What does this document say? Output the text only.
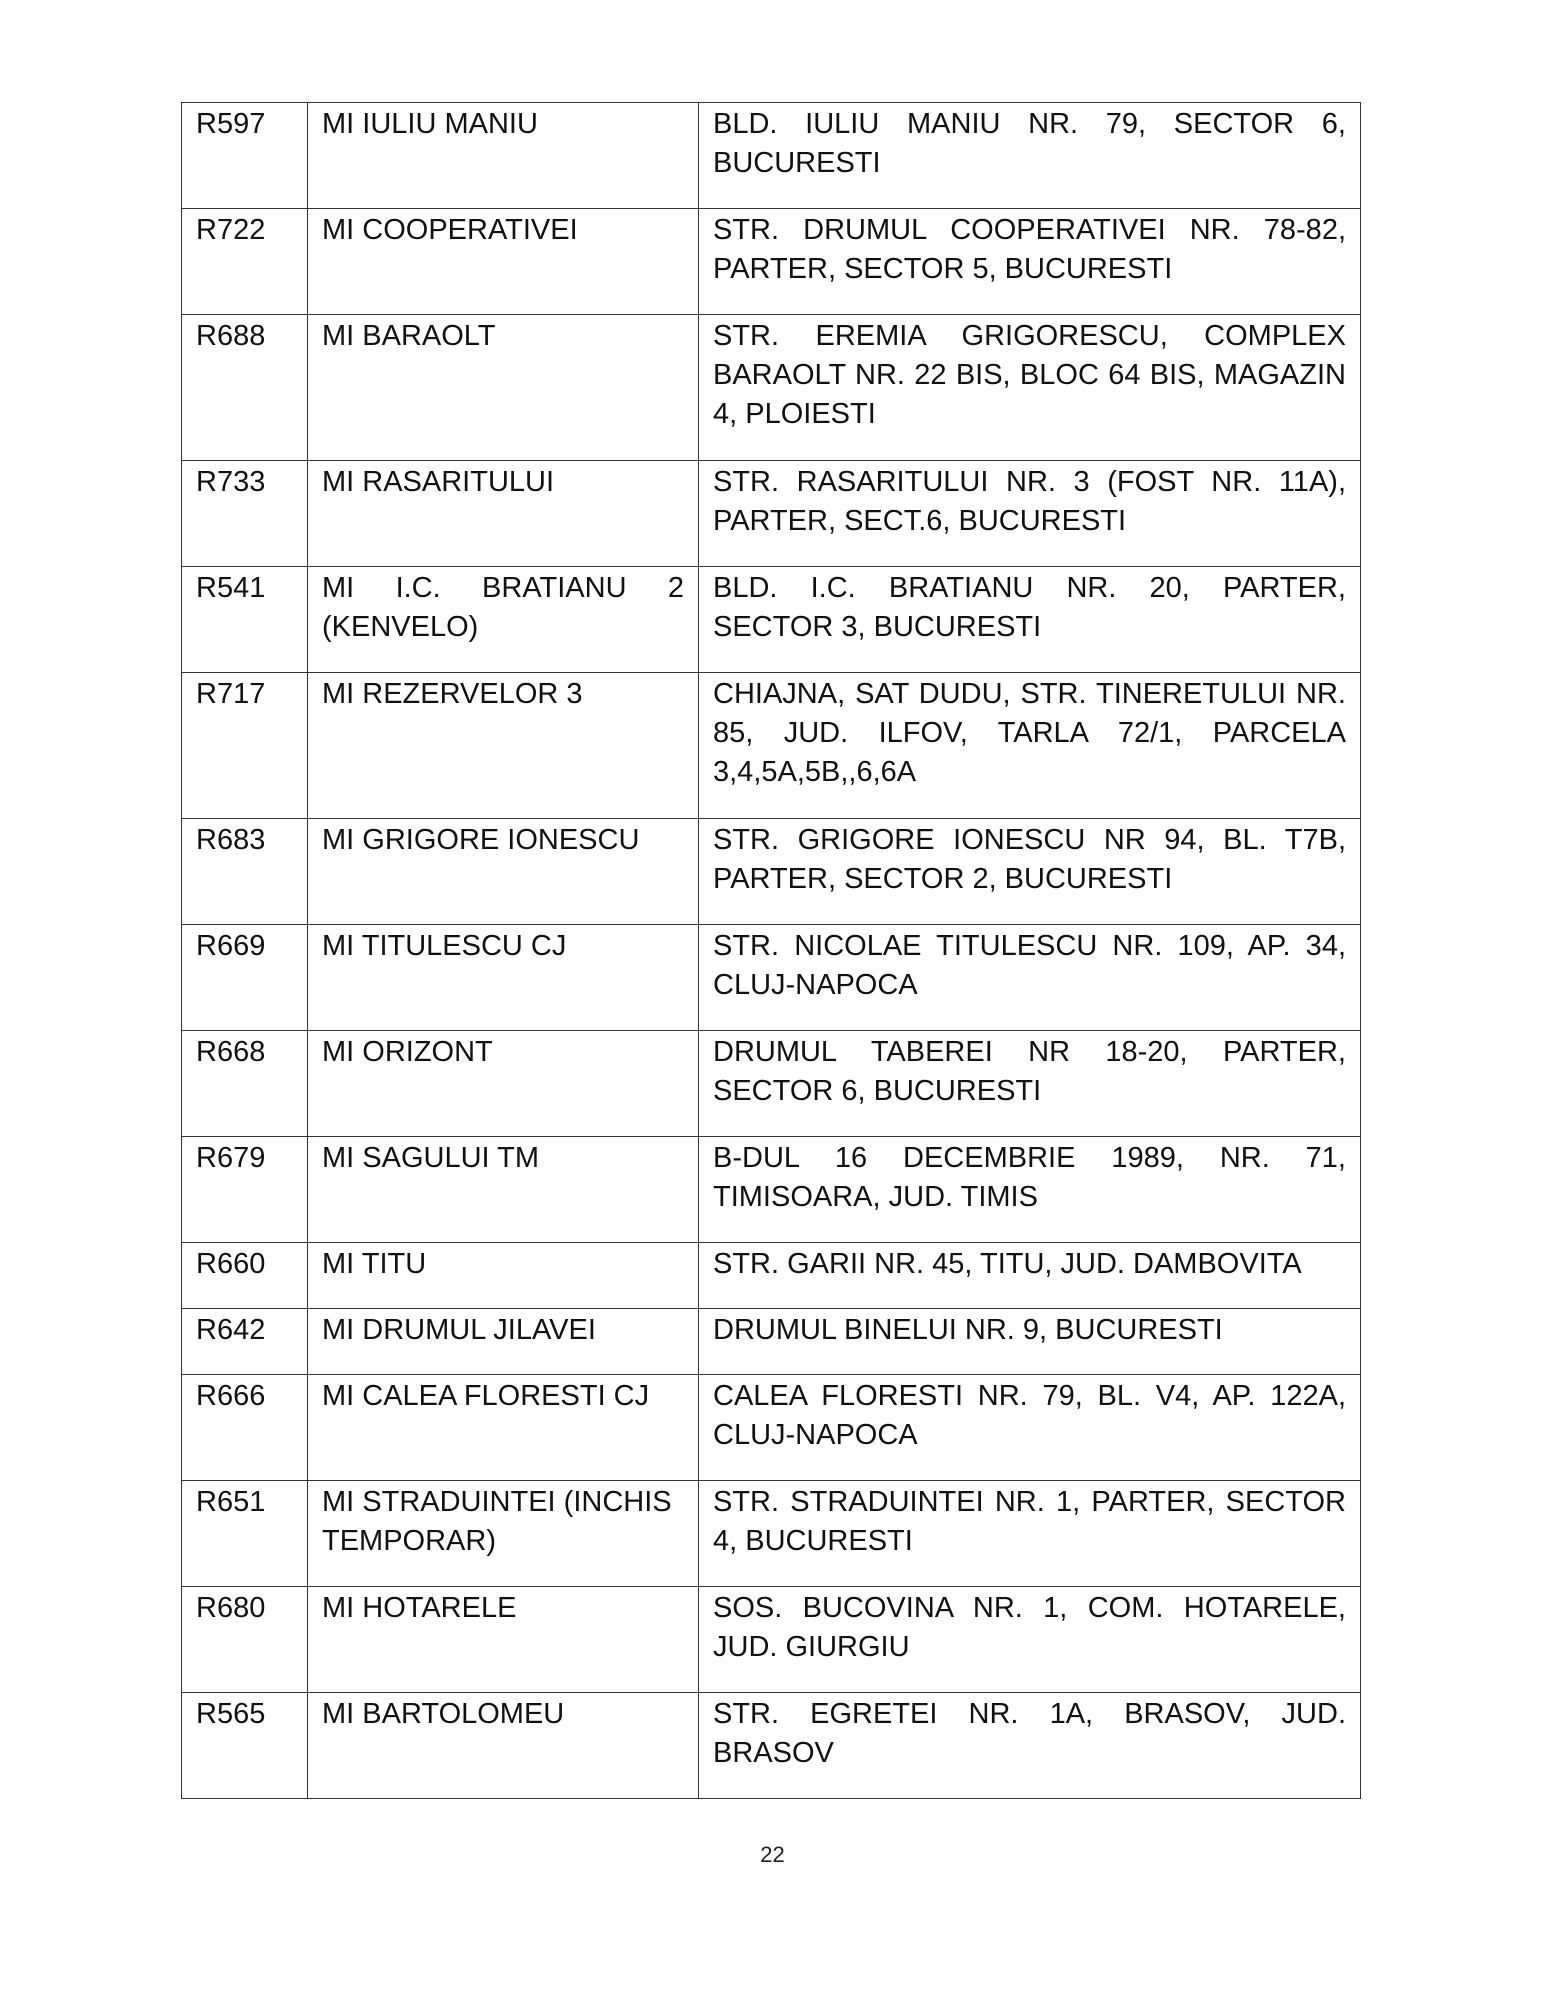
R597	MI IULIU MANIU	BLD. IULIU MANIU NR. 79, SECTOR 6, BUCURESTI
R722	MI COOPERATIVEI	STR. DRUMUL COOPERATIVEI NR. 78-82, PARTER, SECTOR 5, BUCURESTI
R688	MI BARAOLT	STR. EREMIA GRIGORESCU, COMPLEX BARAOLT NR. 22 BIS, BLOC 64 BIS, MAGAZIN 4, PLOIESTI
R733	MI RASARITULUI	STR. RASARITULUI NR. 3 (FOST NR. 11A), PARTER, SECT.6, BUCURESTI
R541	MI I.C. BRATIANU 2 (KENVELO)	BLD. I.C. BRATIANU NR. 20, PARTER, SECTOR 3, BUCURESTI
R717	MI REZERVELOR 3	CHIAJNA, SAT DUDU, STR. TINERETULUI NR. 85, JUD. ILFOV, TARLA 72/1, PARCELA 3,4,5A,5B,,6,6A
R683	MI GRIGORE IONESCU	STR. GRIGORE IONESCU NR 94, BL. T7B, PARTER, SECTOR 2, BUCURESTI
R669	MI TITULESCU CJ	STR. NICOLAE TITULESCU NR. 109, AP. 34, CLUJ-NAPOCA
R668	MI ORIZONT	DRUMUL TABEREI NR 18-20, PARTER, SECTOR 6, BUCURESTI
R679	MI SAGULUI TM	B-DUL 16 DECEMBRIE 1989, NR. 71, TIMISOARA, JUD. TIMIS
R660	MI TITU	STR. GARII NR. 45, TITU, JUD. DAMBOVITA
R642	MI DRUMUL JILAVEI	DRUMUL BINELUI NR. 9, BUCURESTI
R666	MI CALEA FLORESTI CJ	CALEA FLORESTI NR. 79, BL. V4, AP. 122A, CLUJ-NAPOCA
R651	MI STRADUINTEI (INCHIS TEMPORAR)	STR. STRADUINTEI NR. 1, PARTER, SECTOR 4, BUCURESTI
R680	MI HOTARELE	SOS. BUCOVINA NR. 1, COM. HOTARELE, JUD. GIURGIU
R565	MI BARTOLOMEU	STR. EGRETEI NR. 1A, BRASOV, JUD. BRASOV
22
